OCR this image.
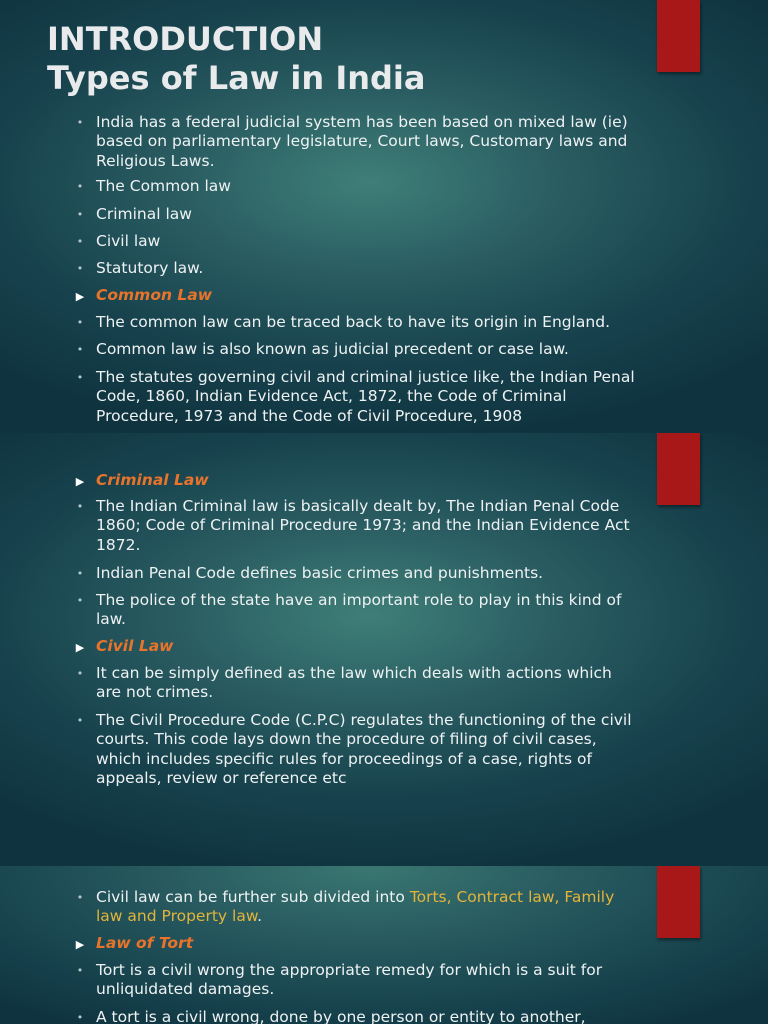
INTRODUCTION
Types of Law in India
• India has a federal judicial system has been based on mixed law (ie) based on parliamentary legislature, Court laws, Customary laws and Religious Laws.
• The Common law
• Criminal law
• Civil law
• Statutory law.
▶ Common Law
• The common law can be traced back to have its origin in England.
• Common law is also known as judicial precedent or case law.
• The statutes governing civil and criminal justice like, the Indian Penal Code, 1860, Indian Evidence Act, 1872, the Code of Criminal Procedure, 1973 and the Code of Civil Procedure, 1908
▶ Criminal Law
• The Indian Criminal law is basically dealt by, The Indian Penal Code 1860; Code of Criminal Procedure 1973; and the Indian Evidence Act 1872.
• Indian Penal Code defines basic crimes and punishments.
• The police of the state have an important role to play in this kind of law.
▶ Civil Law
• It can be simply defined as the law which deals with actions which are not crimes.
• The Civil Procedure Code (C.P.C) regulates the functioning of the civil courts. This code lays down the procedure of filing of civil cases, which includes specific rules for proceedings of a case, rights of appeals, review or reference etc
• Civil law can be further sub divided into Torts, Contract law, Family law and Property law.
▶ Law of Tort
• Tort is a civil wrong the appropriate remedy for which is a suit for unliquidated damages.
• A tort is a civil wrong, done by one person or entity to another,
